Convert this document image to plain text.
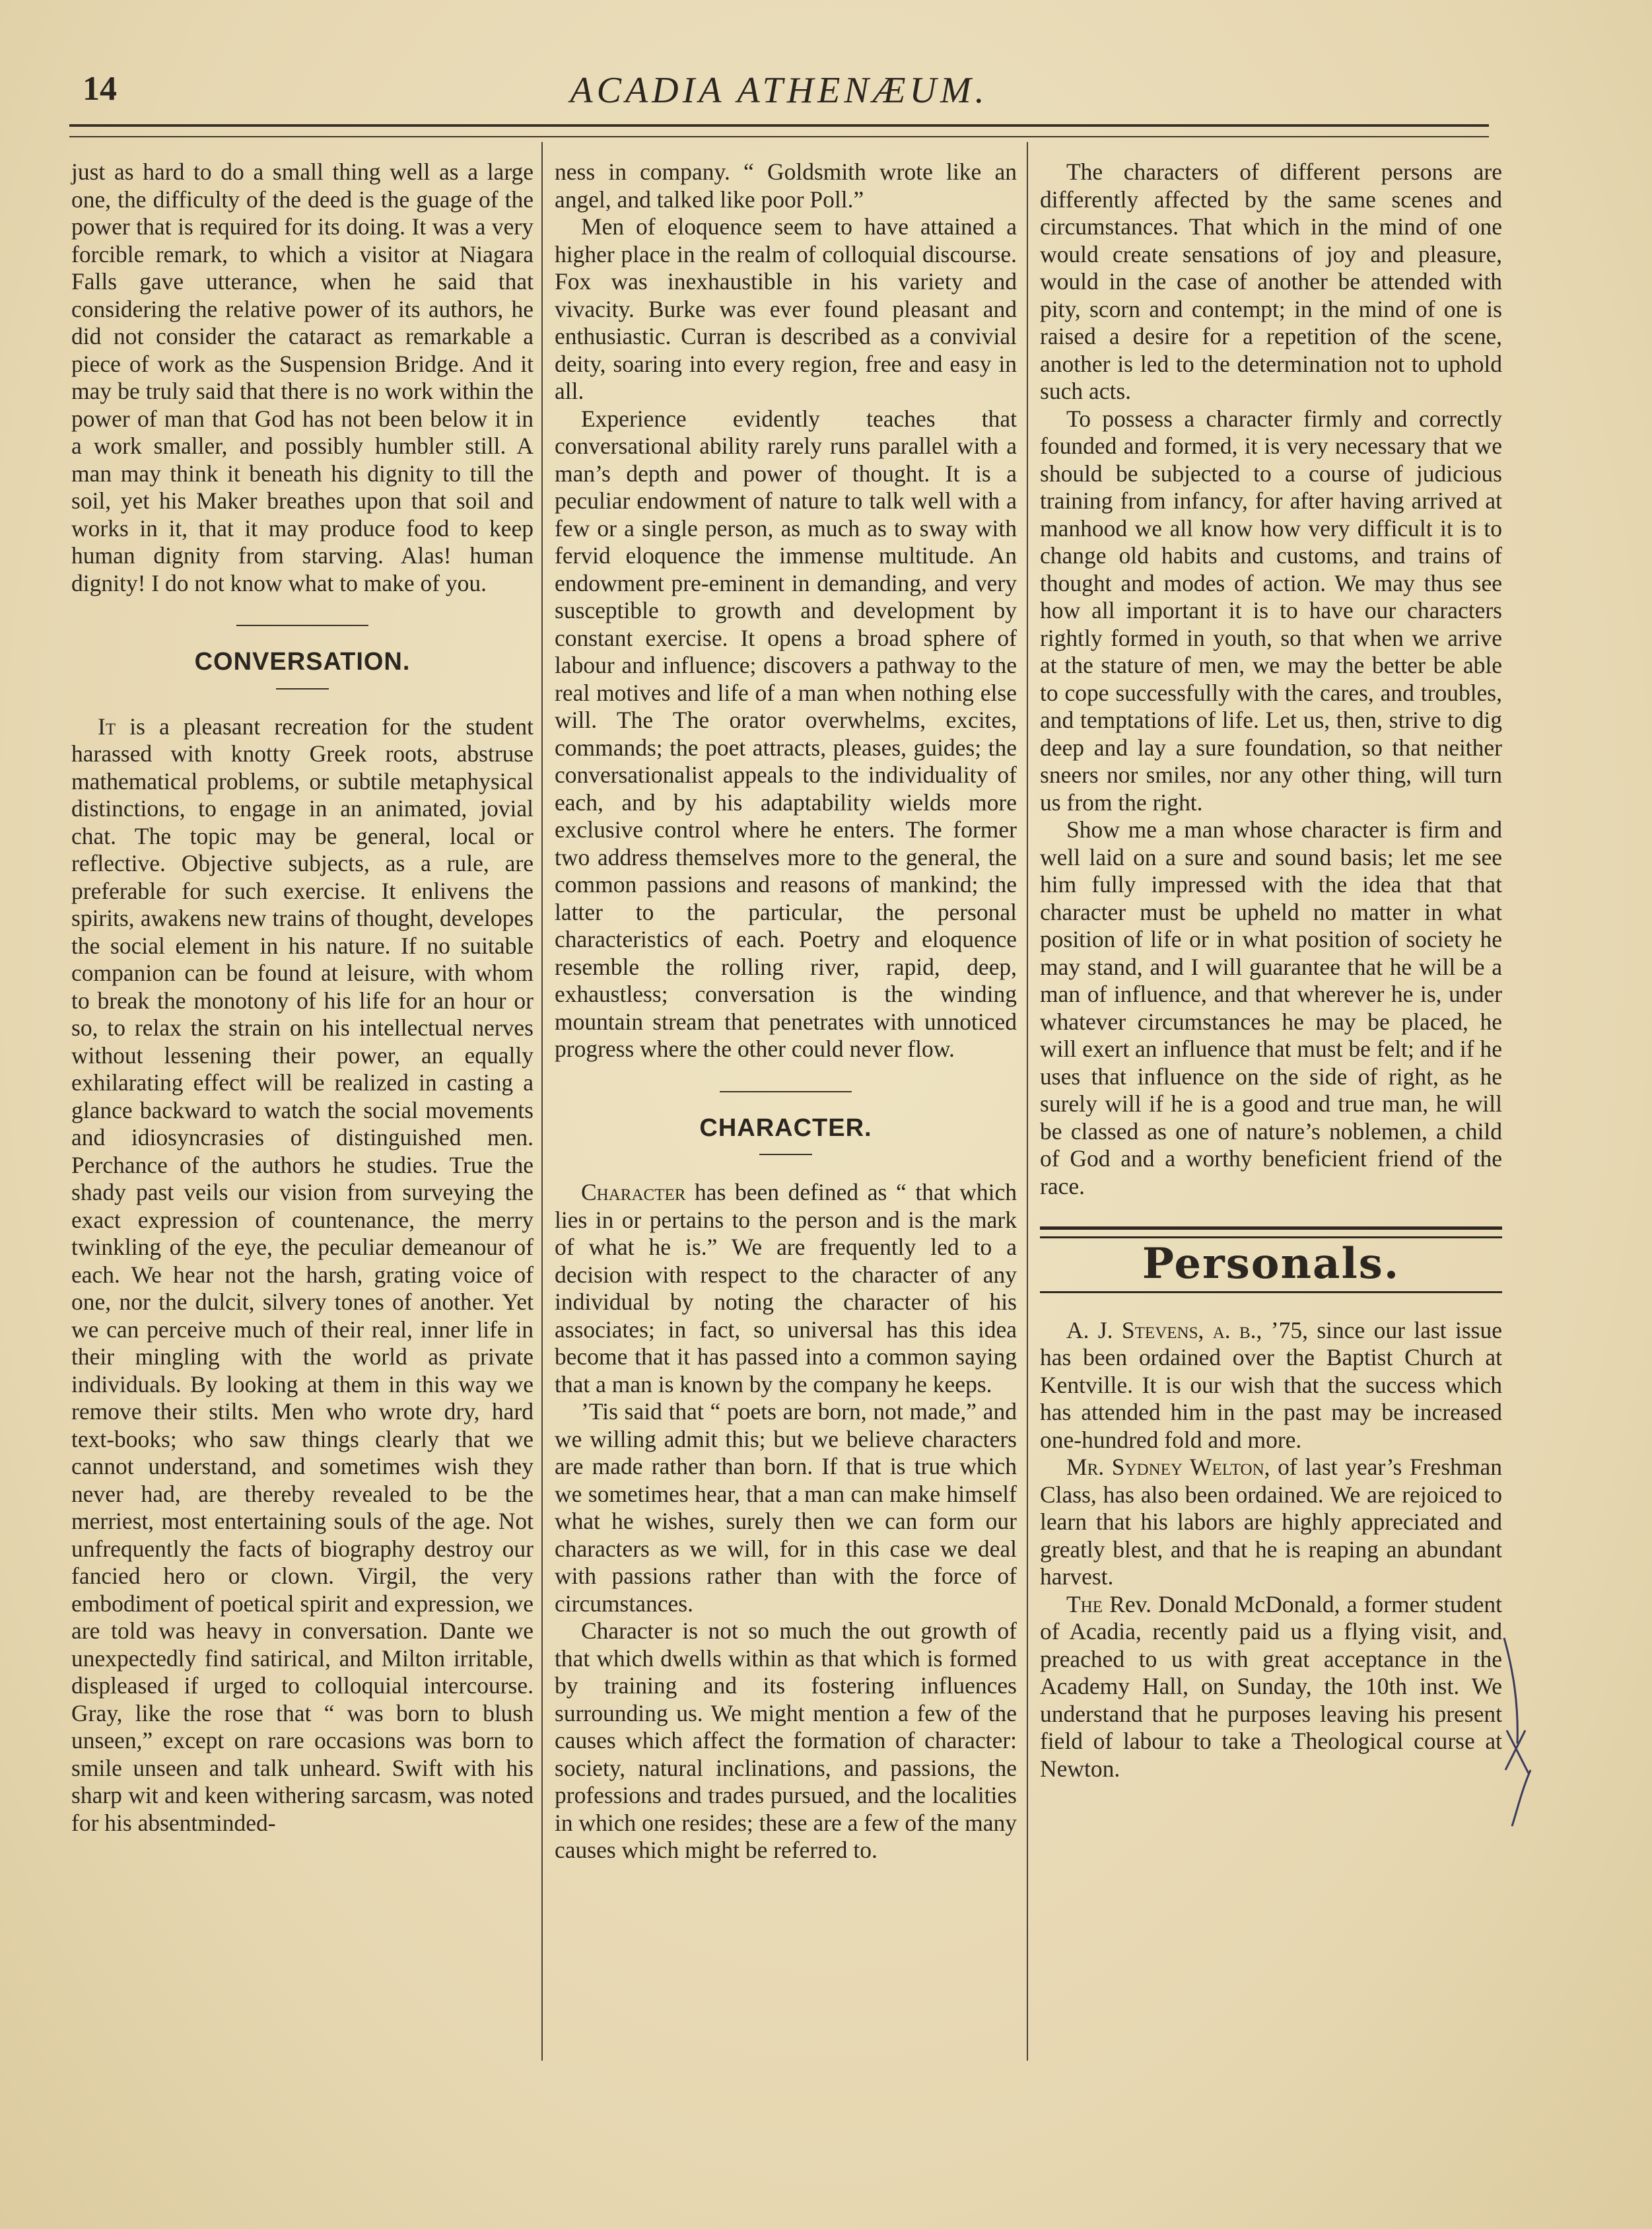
14	ACADIA ATHENÆUM.

just as hard to do a small thing well as a large one, the difficulty of the deed is the guage of the power that is required for its doing. It was a very forcible remark, to which a visitor at Niagara Falls gave utterance, when he said that considering the relative power of its authors, he did not consider the cataract as remarkable a piece of work as the Suspension Bridge. And it may be truly said that there is no work within the power of man that God has not been below it in a work smaller, and possibly humbler still. A man may think it beneath his dignity to till the soil, yet his Maker breathes upon that soil and works in it, that it may produce food to keep human dignity from starving. Alas! human dignity! I do not know what to make of you.

CONVERSATION.

It is a pleasant recreation for the student harassed with knotty Greek roots, abstruse mathematical problems, or subtile metaphysical distinctions, to engage in an animated, jovial chat. The topic may be general, local or reflective. Objective subjects, as a rule, are preferable for such exercise. It enlivens the spirits, awakens new trains of thought, developes the social element in his nature. If no suitable companion can be found at leisure, with whom to break the monotony of his life for an hour or so, to relax the strain on his intellectual nerves without lessening their power, an equally exhilarating effect will be realized in casting a glance backward to watch the social movements and idiosyncrasies of distinguished men. Perchance of the authors he studies. True the shady past veils our vision from surveying the exact expression of countenance, the merry twinkling of the eye, the peculiar demeanour of each. We hear not the harsh, grating voice of one, nor the dulcit, silvery tones of another. Yet we can perceive much of their real, inner life in their mingling with the world as private individuals. By looking at them in this way we remove their stilts. Men who wrote dry, hard text-books; who saw things clearly that we cannot understand, and sometimes wish they never had, are thereby revealed to be the merriest, most entertaining souls of the age. Not unfrequently the facts of biography destroy our fancied hero or clown. Virgil, the very embodiment of poetical spirit and expression, we are told was heavy in conversation. Dante we unexpectedly find satirical, and Milton irritable, displeased if urged to colloquial intercourse. Gray, like the rose that “ was born to blush unseen,” except on rare occasions was born to smile unseen and talk unheard. Swift with his sharp wit and keen withering sarcasm, was noted for his absentminded-

ness in company. “ Goldsmith wrote like an angel, and talked like poor Poll.”

Men of eloquence seem to have attained a higher place in the realm of colloquial discourse. Fox was inexhaustible in his variety and vivacity. Burke was ever found pleasant and enthusiastic. Curran is described as a convivial deity, soaring into every region, free and easy in all.

Experience evidently teaches that conversational ability rarely runs parallel with a man’s depth and power of thought. It is a peculiar endowment of nature to talk well with a few or a single person, as much as to sway with fervid eloquence the immense multitude. An endowment pre-eminent in demanding, and very susceptible to growth and development by constant exercise. It opens a broad sphere of labour and influence; discovers a pathway to the real motives and life of a man when nothing else will. The The orator overwhelms, excites, commands; the poet attracts, pleases, guides; the conversationalist appeals to the individuality of each, and by his adaptability wields more exclusive control where he enters. The former two address themselves more to the general, the common passions and reasons of mankind; the latter to the particular, the personal characteristics of each. Poetry and eloquence resemble the rolling river, rapid, deep, exhaustless; conversation is the winding mountain stream that penetrates with unnoticed progress where the other could never flow.

CHARACTER.

Character has been defined as “ that which lies in or pertains to the person and is the mark of what he is.” We are frequently led to a decision with respect to the character of any individual by noting the character of his associates; in fact, so universal has this idea become that it has passed into a common saying that a man is known by the company he keeps.

’Tis said that “ poets are born, not made,” and we willing admit this; but we believe characters are made rather than born. If that is true which we sometimes hear, that a man can make himself what he wishes, surely then we can form our characters as we will, for in this case we deal with passions rather than with the force of circumstances.

Character is not so much the out growth of that which dwells within as that which is formed by training and its fostering influences surrounding us. We might mention a few of the causes which affect the formation of character: society, natural inclinations, and passions, the professions and trades pursued, and the localities in which one resides; these are a few of the many causes which might be referred to.

The characters of different persons are differently affected by the same scenes and circumstances. That which in the mind of one would create sensations of joy and pleasure, would in the case of another be attended with pity, scorn and contempt; in the mind of one is raised a desire for a repetition of the scene, another is led to the determination not to uphold such acts.

To possess a character firmly and correctly founded and formed, it is very necessary that we should be subjected to a course of judicious training from infancy, for after having arrived at manhood we all know how very difficult it is to change old habits and customs, and trains of thought and modes of action. We may thus see how all important it is to have our characters rightly formed in youth, so that when we arrive at the stature of men, we may the better be able to cope successfully with the cares, and troubles, and temptations of life. Let us, then, strive to dig deep and lay a sure foundation, so that neither sneers nor smiles, nor any other thing, will turn us from the right.

Show me a man whose character is firm and well laid on a sure and sound basis; let me see him fully impressed with the idea that that character must be upheld no matter in what position of life or in what position of society he may stand, and I will guarantee that he will be a man of influence, and that wherever he is, under whatever circumstances he may be placed, he will exert an influence that must be felt; and if he uses that influence on the side of right, as he surely will if he is a good and true man, he will be classed as one of nature’s noblemen, a child of God and a worthy beneficient friend of the race.

Personals.

A. J. Stevens, a. b., ’75, since our last issue has been ordained over the Baptist Church at Kentville. It is our wish that the success which has attended him in the past may be increased one-hundred fold and more.

Mr. Sydney Welton, of last year’s Freshman Class, has also been ordained. We are rejoiced to learn that his labors are highly appreciated and greatly blest, and that he is reaping an abundant harvest.

The Rev. Donald McDonald, a former student of Acadia, recently paid us a flying visit, and preached to us with great acceptance in the Academy Hall, on Sunday, the 10th inst. We understand that he purposes leaving his present field of labour to take a Theological course at Newton.
